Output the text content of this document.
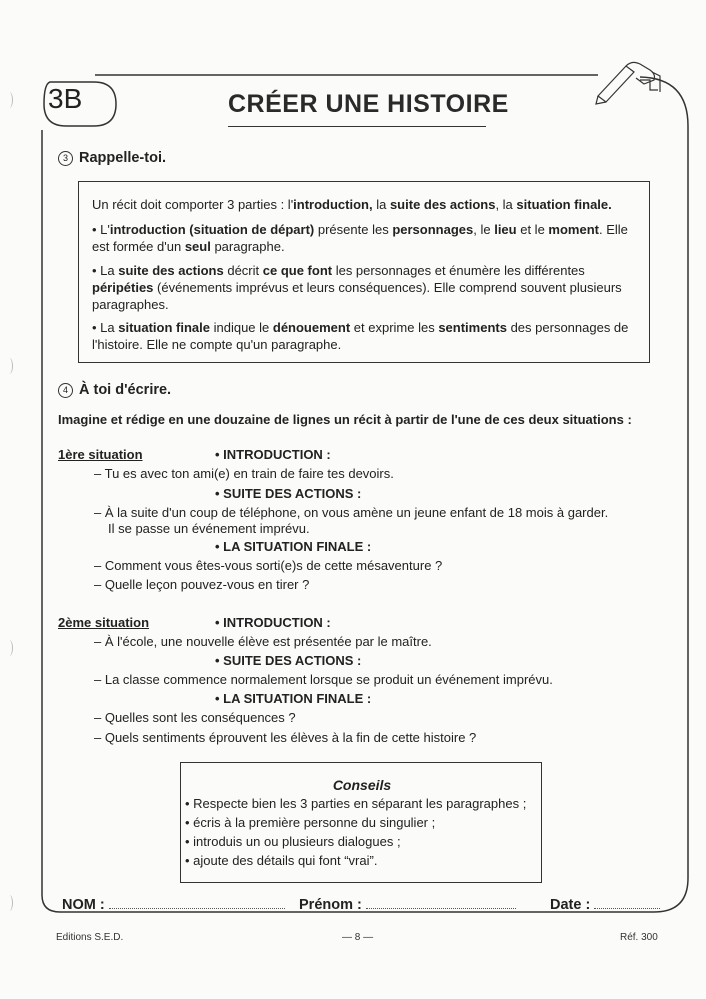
3B	CRÉER UNE HISTOIRE
3 Rappelle-toi.
Un récit doit comporter 3 parties : l'introduction, la suite des actions, la situation finale.
• L'introduction (situation de départ) présente les personnages, le lieu et le moment. Elle est formée d'un seul paragraphe.
• La suite des actions décrit ce que font les personnages et énumère les différentes péripéties (événements imprévus et leurs conséquences). Elle comprend souvent plusieurs paragraphes.
• La situation finale indique le dénouement et exprime les sentiments des personnages de l'histoire. Elle ne compte qu'un paragraphe.
4 À toi d'écrire.
Imagine et rédige en une douzaine de lignes un récit à partir de l'une de ces deux situations :
1ère situation	• INTRODUCTION :
– Tu es avec ton ami(e) en train de faire tes devoirs.
• SUITE DES ACTIONS :
– À la suite d'un coup de téléphone, on vous amène un jeune enfant de 18 mois à garder.
Il se passe un événement imprévu.
• LA SITUATION FINALE :
– Comment vous êtes-vous sorti(e)s de cette mésaventure ?
– Quelle leçon pouvez-vous en tirer ?
2ème situation	• INTRODUCTION :
– À l'école, une nouvelle élève est présentée par le maître.
• SUITE DES ACTIONS :
– La classe commence normalement lorsque se produit un événement imprévu.
• LA SITUATION FINALE :
– Quelles sont les conséquences ?
– Quels sentiments éprouvent les élèves à la fin de cette histoire ?
Conseils
• Respecte bien les 3 parties en séparant les paragraphes ;
• écris à la première personne du singulier ;
• introduis un ou plusieurs dialogues ;
• ajoute des détails qui font “vrai”.
NOM :	Prénom :	Date :
Editions S.E.D.	— 8 —	Réf. 300
